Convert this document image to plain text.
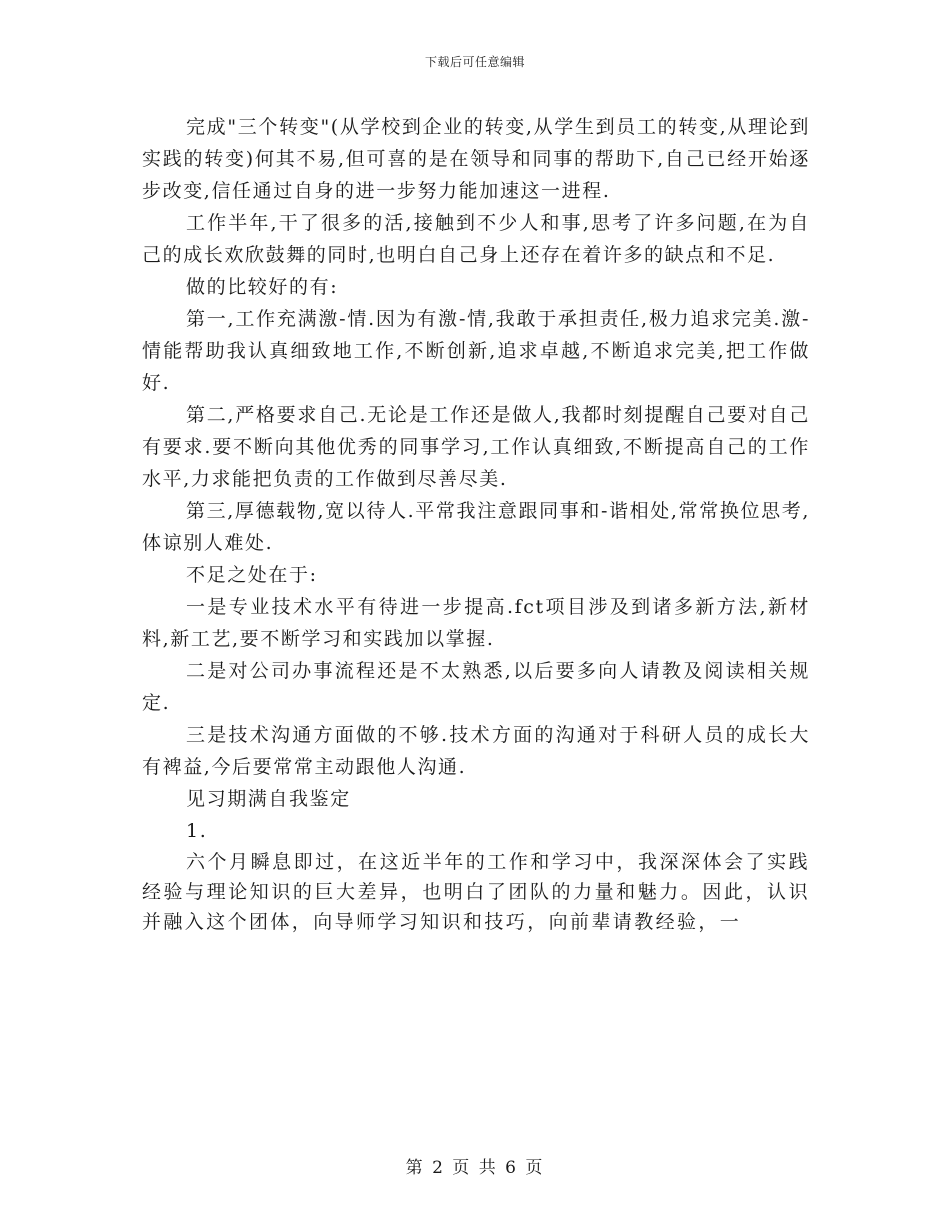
下载后可任意编辑

完成"三个转变"(从学校到企业的转变,从学生到员工的转变,从理论到实践的转变)何其不易,但可喜的是在领导和同事的帮助下,自己已经开始逐步改变,信任通过自身的进一步努力能加速这一进程.

工作半年,干了很多的活,接触到不少人和事,思考了许多问题,在为自己的成长欢欣鼓舞的同时,也明白自己身上还存在着许多的缺点和不足.

做的比较好的有:

第一,工作充满激-情.因为有激-情,我敢于承担责任,极力追求完美.激-情能帮助我认真细致地工作,不断创新,追求卓越,不断追求完美,把工作做好.

第二,严格要求自己.无论是工作还是做人,我都时刻提醒自己要对自己有要求.要不断向其他优秀的同事学习,工作认真细致,不断提高自己的工作水平,力求能把负责的工作做到尽善尽美.

第三,厚德载物,宽以待人.平常我注意跟同事和-谐相处,常常换位思考,体谅别人难处.

不足之处在于:

一是专业技术水平有待进一步提高.fct项目涉及到诸多新方法,新材料,新工艺,要不断学习和实践加以掌握.

二是对公司办事流程还是不太熟悉,以后要多向人请教及阅读相关规定.

三是技术沟通方面做的不够.技术方面的沟通对于科研人员的成长大有裨益,今后要常常主动跟他人沟通.

见习期满自我鉴定

1.

六个月瞬息即过，在这近半年的工作和学习中，我深深体会了实践经验与理论知识的巨大差异，也明白了团队的力量和魅力。因此，认识并融入这个团体，向导师学习知识和技巧，向前辈请教经验，一

第 2 页 共 6 页
